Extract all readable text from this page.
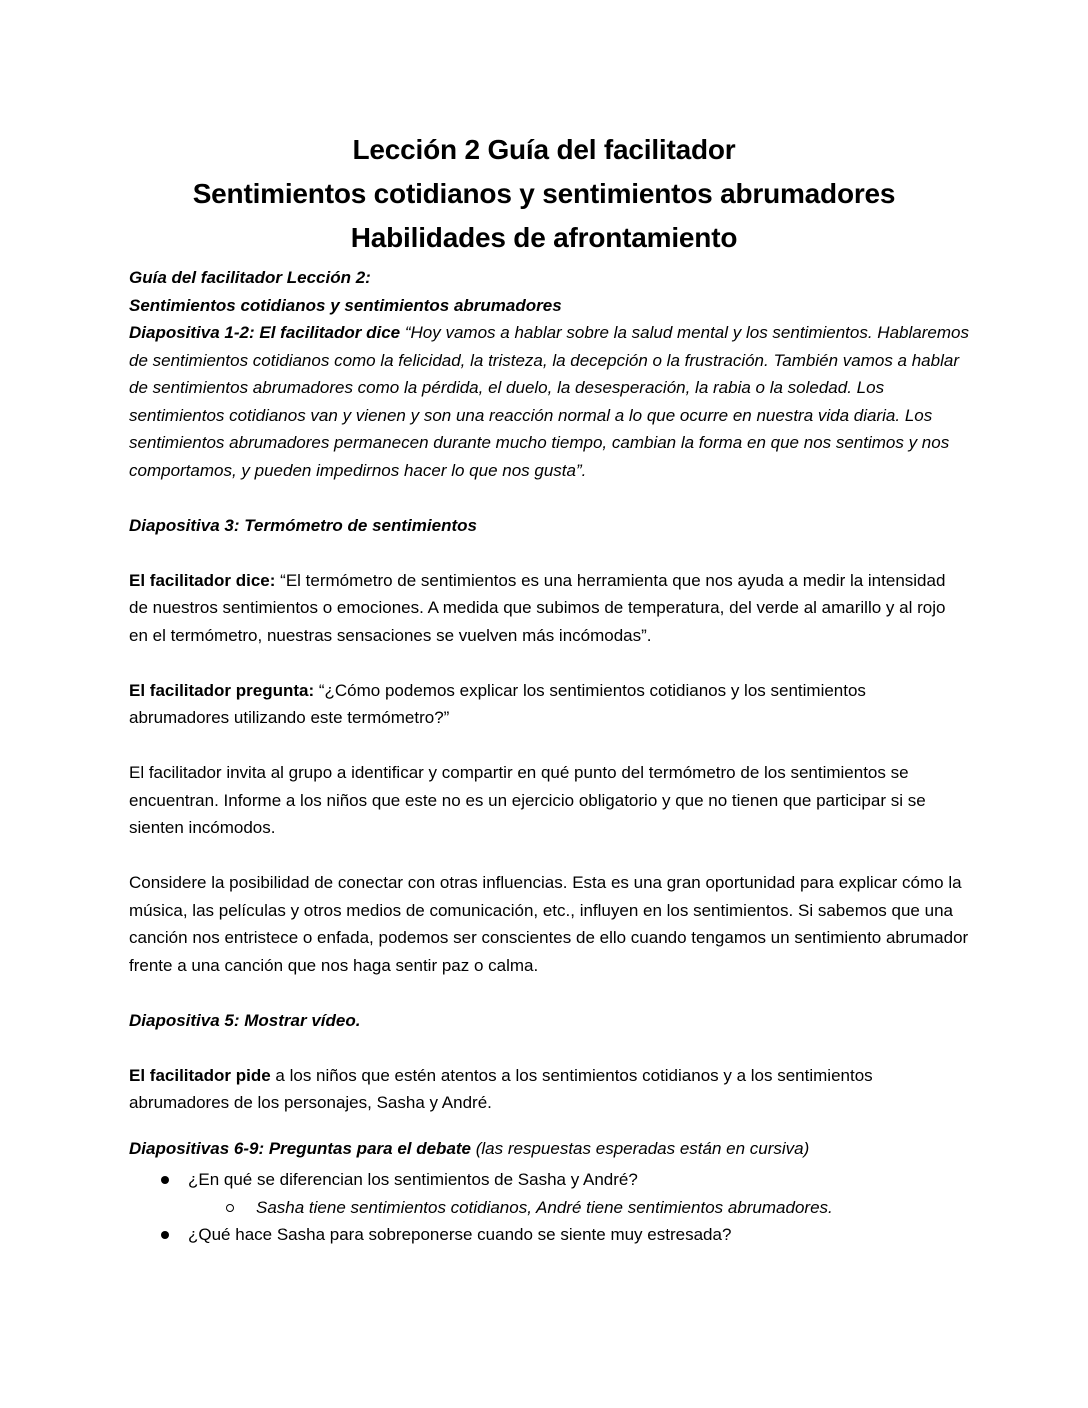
Lección 2 Guía del facilitador
Sentimientos cotidianos y sentimientos abrumadores
Habilidades de afrontamiento

Guía del facilitador Lección 2:

Sentimientos cotidianos y sentimientos abrumadores

Diapositiva 1-2: El facilitador dice “Hoy vamos a hablar sobre la salud mental y los sentimientos. Hablaremos de sentimientos cotidianos como la felicidad, la tristeza, la decepción o la frustración. También vamos a hablar de sentimientos abrumadores como la pérdida, el duelo, la desesperación, la rabia o la soledad. Los sentimientos cotidianos van y vienen y son una reacción normal a lo que ocurre en nuestra vida diaria. Los sentimientos abrumadores permanecen durante mucho tiempo, cambian la forma en que nos sentimos y nos comportamos, y pueden impedirnos hacer lo que nos gusta”.

Diapositiva 3: Termómetro de sentimientos

El facilitador dice: “El termómetro de sentimientos es una herramienta que nos ayuda a medir la intensidad de nuestros sentimientos o emociones. A medida que subimos de temperatura, del verde al amarillo y al rojo en el termómetro, nuestras sensaciones se vuelven más incómodas”.

El facilitador pregunta: “¿Cómo podemos explicar los sentimientos cotidianos y los sentimientos abrumadores utilizando este termómetro?”

El facilitador invita al grupo a identificar y compartir en qué punto del termómetro de los sentimientos se encuentran. Informe a los niños que este no es un ejercicio obligatorio y que no tienen que participar si se sienten incómodos.

Considere la posibilidad de conectar con otras influencias. Esta es una gran oportunidad para explicar cómo la música, las películas y otros medios de comunicación, etc., influyen en los sentimientos. Si sabemos que una canción nos entristece o enfada, podemos ser conscientes de ello cuando tengamos un sentimiento abrumador frente a una canción que nos haga sentir paz o calma.

Diapositiva 5: Mostrar vídeo.

El facilitador pide a los niños que estén atentos a los sentimientos cotidianos y a los sentimientos abrumadores de los personajes, Sasha y André.

Diapositivas 6-9: Preguntas para el debate (las respuestas esperadas están en cursiva)

¿En qué se diferencian los sentimientos de Sasha y André?
Sasha tiene sentimientos cotidianos, André tiene sentimientos abrumadores.
¿Qué hace Sasha para sobreponerse cuando se siente muy estresada?
